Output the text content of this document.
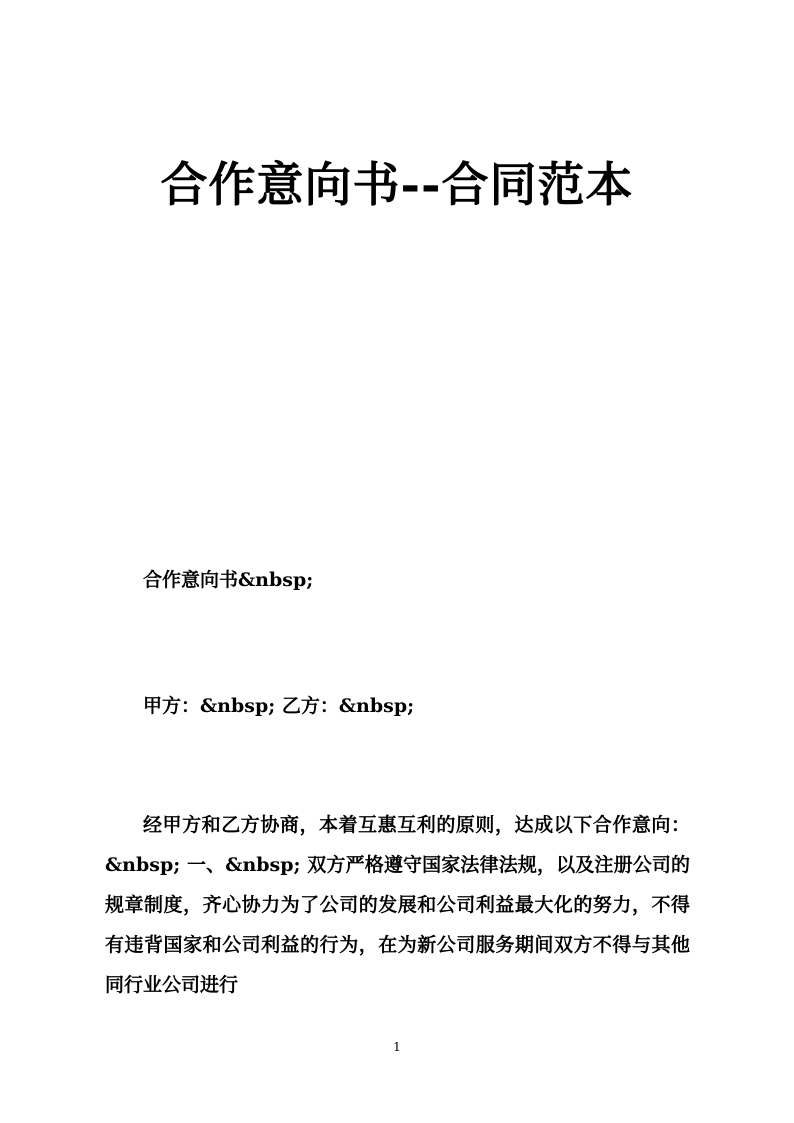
合作意向书--合同范本
合作意向书&nbsp;
甲方：&nbsp; 乙方：&nbsp;
经甲方和乙方协商，本着互惠互利的原则，达成以下合作意向：&nbsp; 一、&nbsp; 双方严格遵守国家法律法规，以及注册公司的规章制度，齐心协力为了公司的发展和公司利益最大化的努力，不得有违背国家和公司利益的行为，在为新公司服务期间双方不得与其他同行业公司进行
1
